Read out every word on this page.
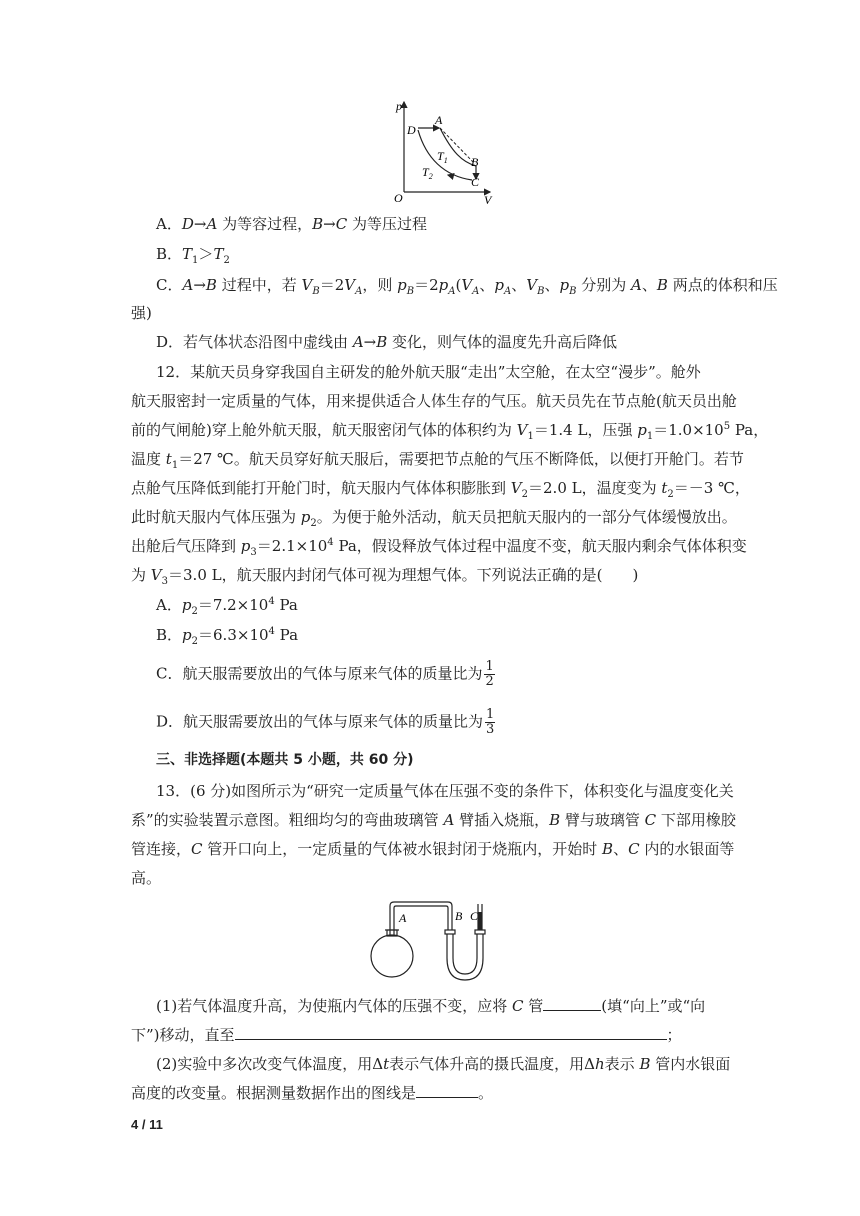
p
V
O
D
A
B
C
$T_1$
$T_2$
A．D→A 为等容过程，B→C 为等压过程
B．$T_1>T_2$
C．A→B 过程中，若 $V_B=2V_A$，则 $p_B=2p_A(V_A$、$p_A$、$V_B$、$p_B$ 分别为 A、B 两点的体积和压
强)
D．若气体状态沿图中虚线由 A→B 变化，则气体的温度先升高后降低
12．某航天员身穿我国自主研发的舱外航天服“走出”太空舱，在太空“漫步”。舱外
航天服密封一定质量的气体，用来提供适合人体生存的气压。航天员先在节点舱(航天员出舱
前的气闸舱)穿上舱外航天服，航天服密闭气体的体积约为 $V_1=1.4$ L，压强 $p_1=1.0\times 10^5$ Pa，
温度 $t_1=27$ ℃。航天员穿好航天服后，需要把节点舱的气压不断降低，以便打开舱门。若节
点舱气压降低到能打开舱门时，航天服内气体体积膨胀到 $V_2=2.0$ L，温度变为 $t_2=-3$ ℃，
此时航天服内气体压强为 $p_2$。为便于舱外活动，航天员把航天服内的一部分气体缓慢放出。
出舱后气压降到 $p_3=2.1\times 10^4$ Pa，假设释放气体过程中温度不变，航天服内剩余气体体积变
为 $V_3=3.0$ L，航天服内封闭气体可视为理想气体。下列说法正确的是(　　)
A．$p_2=7.2\times 10^4$ Pa
B．$p_2=6.3\times 10^4$ Pa
C．航天服需要放出的气体与原来气体的质量比为 $\frac{1}{2}$
D．航天服需要放出的气体与原来气体的质量比为 $\frac{1}{3}$
三、非选择题(本题共 5 小题，共 60 分)
13．(6 分)如图所示为“研究一定质量气体在压强不变的条件下，体积变化与温度变化关
系”的实验装置示意图。粗细均匀的弯曲玻璃管 A 臂插入烧瓶，B 臂与玻璃管 C 下部用橡胶
管连接，C 管开口向上，一定质量的气体被水银封闭于烧瓶内，开始时 B、C 内的水银面等
高。
A	B C
(1)若气体温度升高，为使瓶内气体的压强不变，应将 C 管	(填“向上”或“向
下”)移动，直至	；
(2)实验中多次改变气体温度，用Δt表示气体升高的摄氏温度，用Δh表示 B 管内水银面
高度的改变量。根据测量数据作出的图线是	。
4 / 11
